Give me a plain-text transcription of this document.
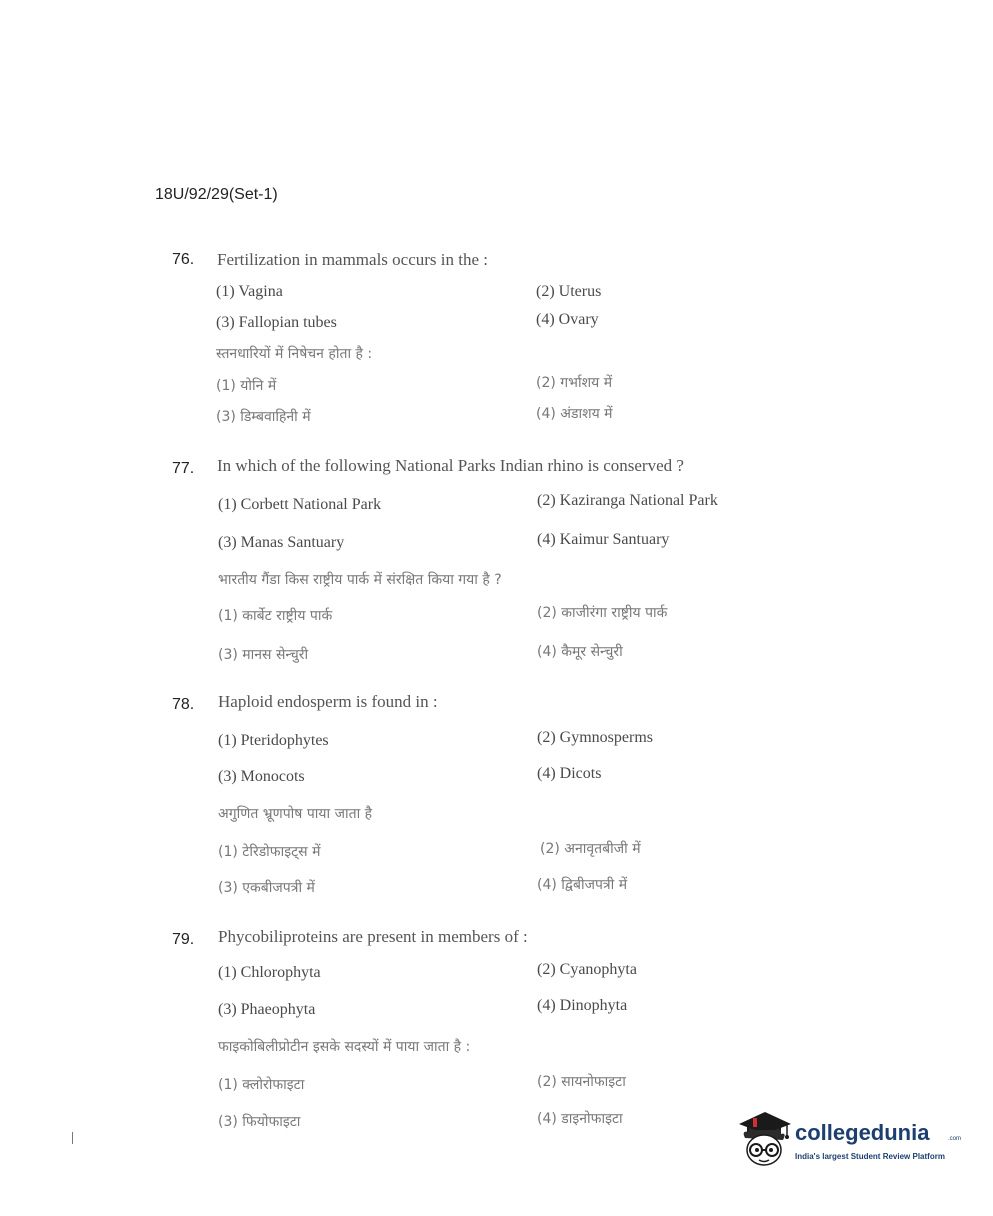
18U/92/29(Set-1)
76. Fertilization in mammals occurs in the :
(1) Vagina	(2) Uterus
(3) Fallopian tubes	(4) Ovary
स्तनधारियों में निषेचन होता है :
(1) योनि में	(2) गर्भाशय में
(3) डिम्बवाहिनी में	(4) अंडाशय में
77. In which of the following National Parks Indian rhino is conserved ?
(1) Corbett National Park	(2) Kaziranga National Park
(3) Manas Santuary	(4) Kaimur Santuary
भारतीय गैंडा किस राष्ट्रीय पार्क में संरक्षित किया गया है ?
(1) कार्बेट राष्ट्रीय पार्क	(2) काजीरंगा राष्ट्रीय पार्क
(3) मानस सेन्चुरी	(4) कैमूर सेन्चुरी
78. Haploid endosperm is found in :
(1) Pteridophytes	(2) Gymnosperms
(3) Monocots	(4) Dicots
अगुणित भ्रूणपोष पाया जाता है
(1) टेरिडोफाइट्स में	(2) अनावृतबीजी में
(3) एकबीजपत्री में	(4) द्विबीजपत्री में
79. Phycobiliproteins are present in members of :
(1) Chlorophyta	(2) Cyanophyta
(3) Phaeophyta	(4) Dinophyta
फाइकोबिलीप्रोटीन इसके सदस्यों में पाया जाता है :
(1) क्लोरोफाइटा	(2) सायनोफाइटा
(3) फियोफाइटा	(4) डाइनोफाइटा
collegedunia	.com
India's largest Student Review Platform
